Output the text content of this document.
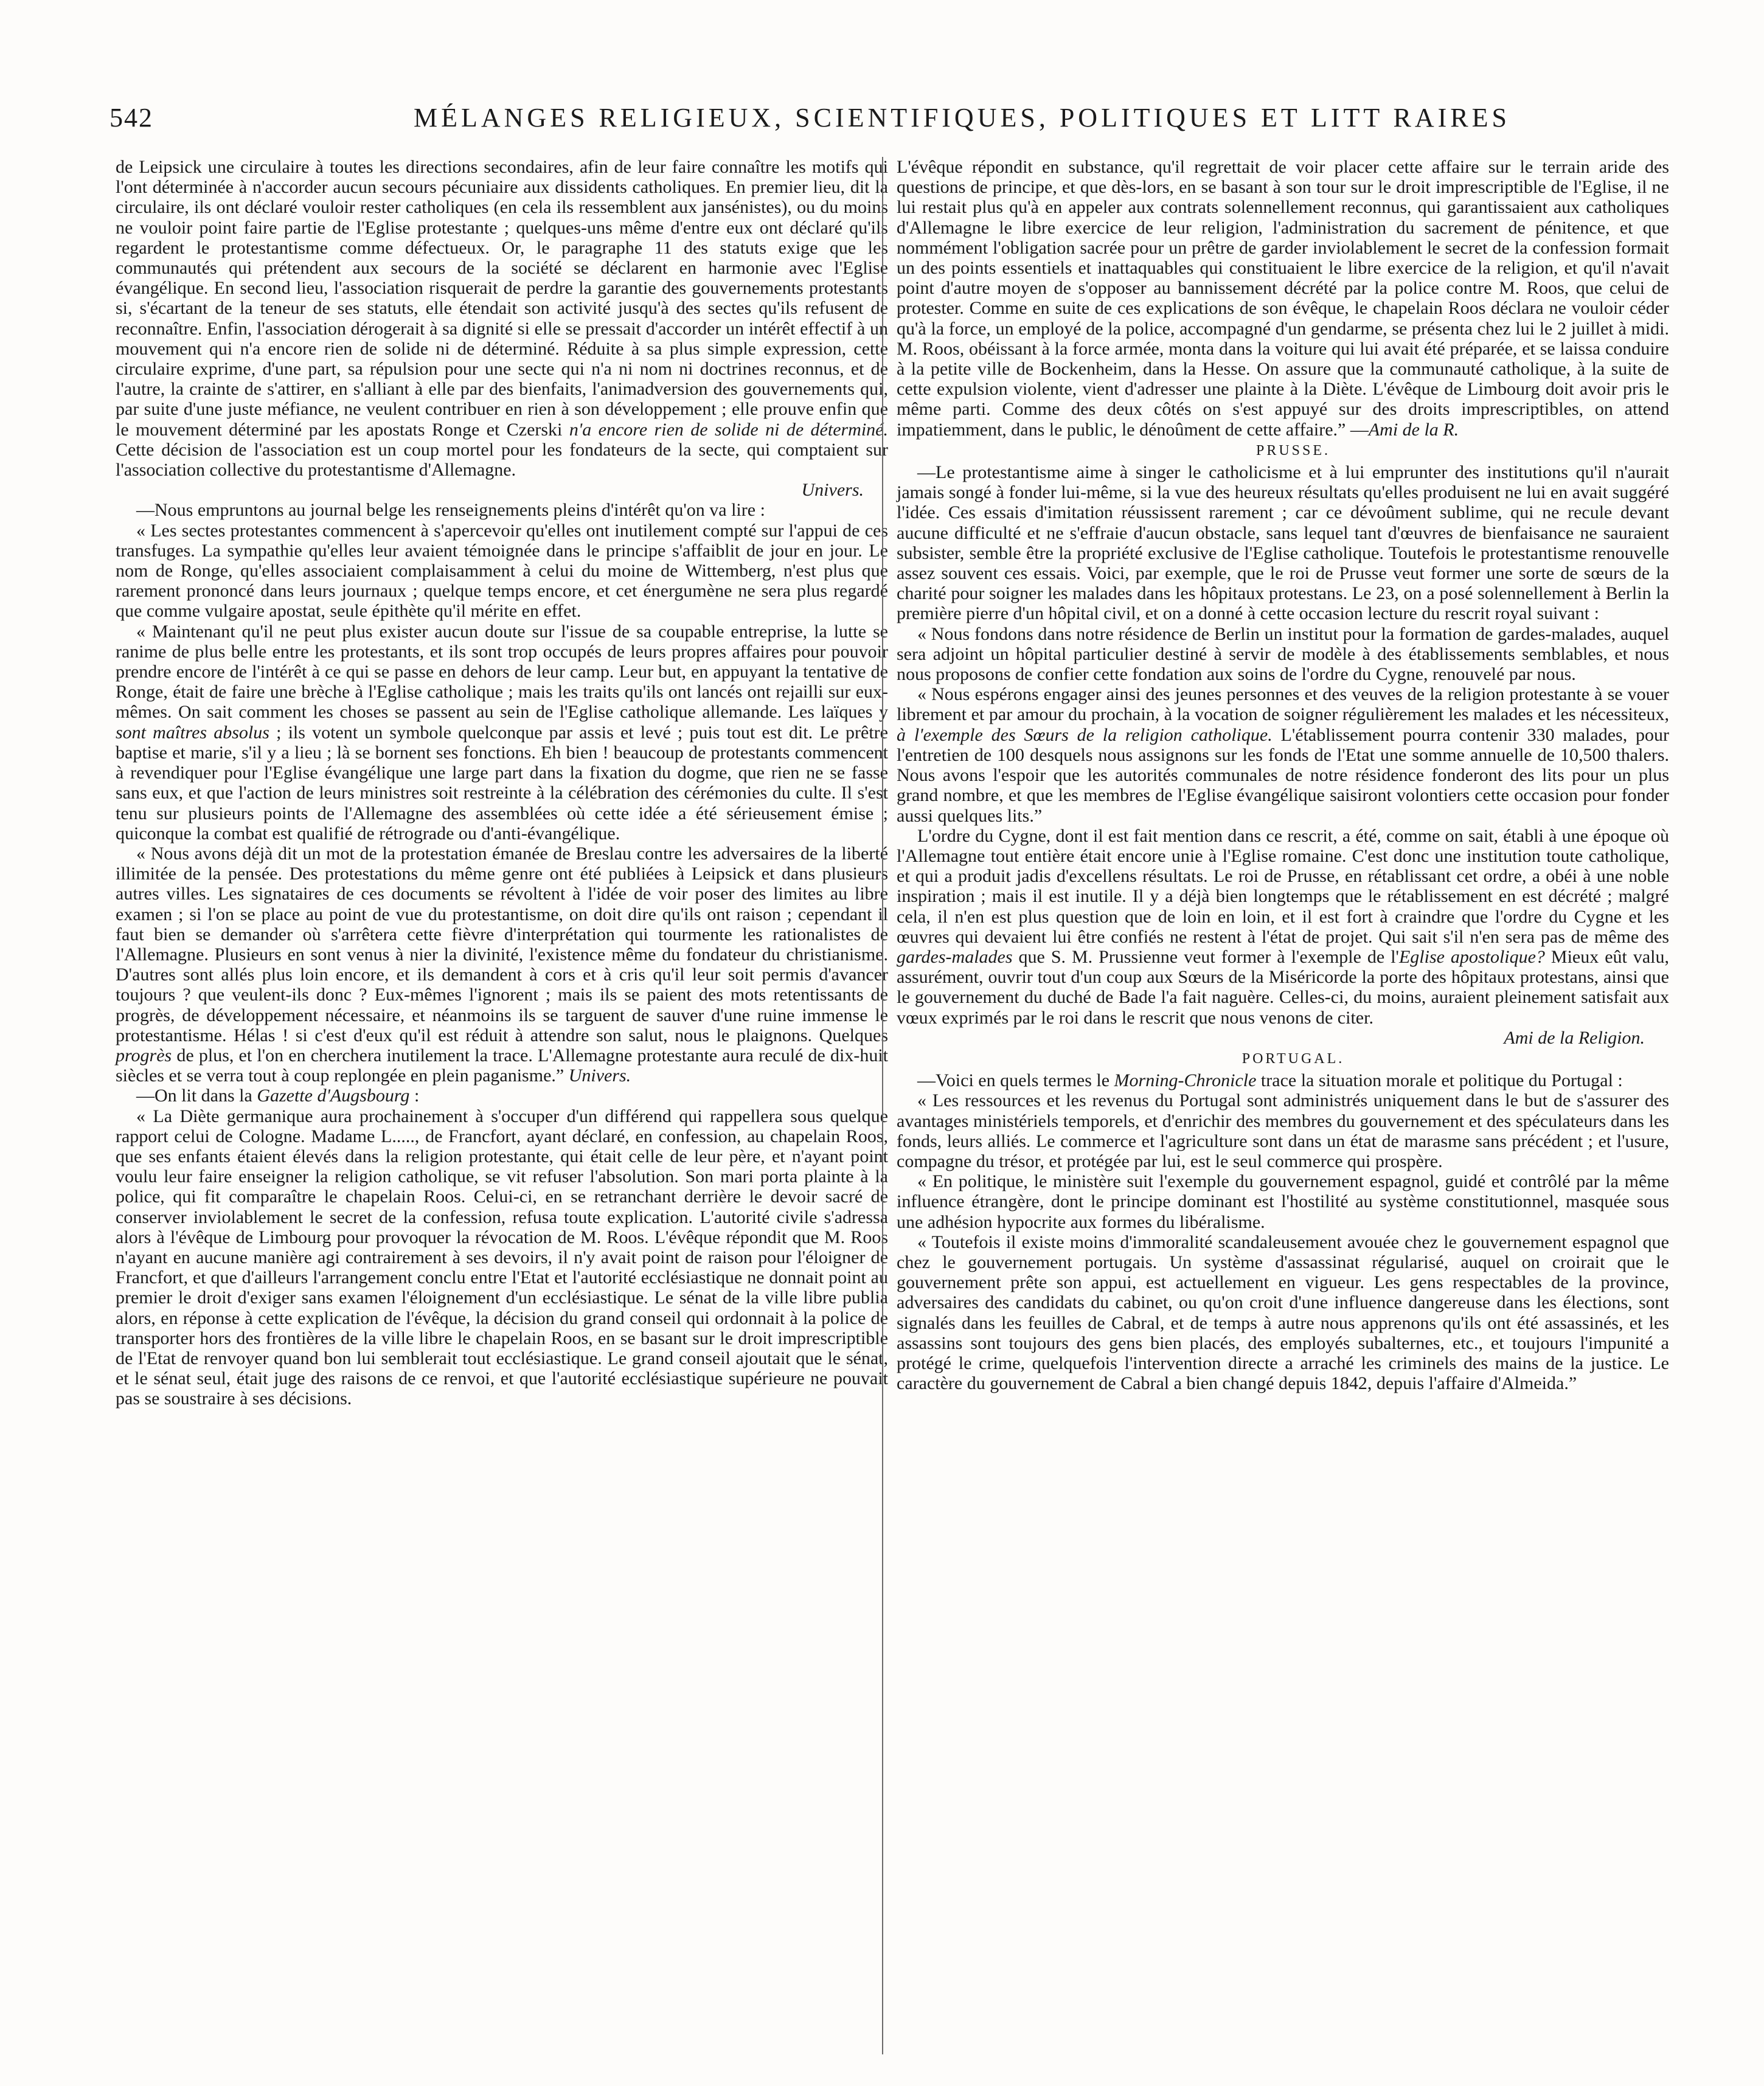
542	MÉLANGES RELIGIEUX, SCIENTIFIQUES, POLITIQUES ET LITT RAIRES

de Leipsick une circulaire à toutes les directions secondaires, afin de leur faire connaître les motifs qui l'ont déterminée à n'accorder aucun secours pécuniaire aux dissidents catholiques. En premier lieu, dit la circulaire, ils ont déclaré vouloir rester catholiques (en cela ils ressemblent aux jansénistes), ou du moins ne vouloir point faire partie de l'Eglise protestante ; quelques-uns même d'entre eux ont déclaré qu'ils regardent le protestantisme comme défectueux. Or, le paragraphe 11 des statuts exige que les communautés qui prétendent aux secours de la société se déclarent en harmonie avec l'Eglise évangélique. En second lieu, l'association risquerait de perdre la garantie des gouvernements protestants si, s'écartant de la teneur de ses statuts, elle étendait son activité jusqu'à des sectes qu'ils refusent de reconnaître. Enfin, l'association dérogerait à sa dignité si elle se pressait d'accorder un intérêt effectif à un mouvement qui n'a encore rien de solide ni de déterminé. Réduite à sa plus simple expression, cette circulaire exprime, d'une part, sa répulsion pour une secte qui n'a ni nom ni doctrines reconnus, et de l'autre, la crainte de s'attirer, en s'alliant à elle par des bienfaits, l'animadversion des gouvernements qui, par suite d'une juste méfiance, ne veulent contribuer en rien à son développement ; elle prouve enfin que le mouvement déterminé par les apostats Ronge et Czerski n'a encore rien de solide ni de déterminé. Cette décision de l'association est un coup mortel pour les fondateurs de la secte, qui comptaient sur l'association collective du protestantisme d'Allemagne.

Univers.

—Nous empruntons au journal belge les renseignements pleins d'intérêt qu'on va lire :

« Les sectes protestantes commencent à s'apercevoir qu'elles ont inutilement compté sur l'appui de ces transfuges. La sympathie qu'elles leur avaient témoignée dans le principe s'affaiblit de jour en jour. Le nom de Ronge, qu'elles associaient complaisamment à celui du moine de Wittemberg, n'est plus que rarement prononcé dans leurs journaux ; quelque temps encore, et cet énergumène ne sera plus regardé que comme vulgaire apostat, seule épithète qu'il mérite en effet.

« Maintenant qu'il ne peut plus exister aucun doute sur l'issue de sa coupable entreprise, la lutte se ranime de plus belle entre les protestants, et ils sont trop occupés de leurs propres affaires pour pouvoir prendre encore de l'intérêt à ce qui se passe en dehors de leur camp. Leur but, en appuyant la tentative de Ronge, était de faire une brèche à l'Eglise catholique ; mais les traits qu'ils ont lancés ont rejailli sur eux-mêmes. On sait comment les choses se passent au sein de l'Eglise catholique allemande. Les laïques y sont maîtres absolus ; ils votent un symbole quelconque par assis et levé ; puis tout est dit. Le prêtre baptise et marie, s'il y a lieu ; là se bornent ses fonctions. Eh bien ! beaucoup de protestants commencent à revendiquer pour l'Eglise évangélique une large part dans la fixation du dogme, que rien ne se fasse sans eux, et que l'action de leurs ministres soit restreinte à la célébration des cérémonies du culte. Il s'est tenu sur plusieurs points de l'Allemagne des assemblées où cette idée a été sérieusement émise ; quiconque la combat est qualifié de rétrograde ou d'anti-évangélique.

« Nous avons déjà dit un mot de la protestation émanée de Breslau contre les adversaires de la liberté illimitée de la pensée. Des protestations du même genre ont été publiées à Leipsick et dans plusieurs autres villes. Les signataires de ces documents se révoltent à l'idée de voir poser des limites au libre examen ; si l'on se place au point de vue du protestantisme, on doit dire qu'ils ont raison ; cependant il faut bien se demander où s'arrêtera cette fièvre d'interprétation qui tourmente les rationalistes de l'Allemagne. Plusieurs en sont venus à nier la divinité, l'existence même du fondateur du christianisme. D'autres sont allés plus loin encore, et ils demandent à cors et à cris qu'il leur soit permis d'avancer toujours ? que veulent-ils donc ? Eux-mêmes l'ignorent ; mais ils se paient des mots retentissants de progrès, de développement nécessaire, et néanmoins ils se targuent de sauver d'une ruine immense le protestantisme. Hélas ! si c'est d'eux qu'il est réduit à attendre son salut, nous le plaignons. Quelques progrès de plus, et l'on en cherchera inutilement la trace. L'Allemagne protestante aura reculé de dix-huit siècles et se verra tout à coup replongée en plein paganisme.” Univers.

—On lit dans la Gazette d'Augsbourg :

« La Diète germanique aura prochainement à s'occuper d'un différend qui rappellera sous quelque rapport celui de Cologne. Madame L....., de Francfort, ayant déclaré, en confession, au chapelain Roos, que ses enfants étaient élevés dans la religion protestante, qui était celle de leur père, et n'ayant point voulu leur faire enseigner la religion catholique, se vit refuser l'absolution. Son mari porta plainte à la police, qui fit comparaître le chapelain Roos. Celui-ci, en se retranchant derrière le devoir sacré de conserver inviolablement le secret de la confession, refusa toute explication. L'autorité civile s'adressa alors à l'évêque de Limbourg pour provoquer la révocation de M. Roos. L'évêque répondit que M. Roos n'ayant en aucune manière agi contrairement à ses devoirs, il n'y avait point de raison pour l'éloigner de Francfort, et que d'ailleurs l'arrangement conclu entre l'Etat et l'autorité ecclésiastique ne donnait point au premier le droit d'exiger sans examen l'éloignement d'un ecclésiastique. Le sénat de la ville libre publia alors, en réponse à cette explication de l'évêque, la décision du grand conseil qui ordonnait à la police de transporter hors des frontières de la ville libre le chapelain Roos, en se basant sur le droit imprescriptible de l'Etat de renvoyer quand bon lui semblerait tout ecclésiastique. Le grand conseil ajoutait que le sénat, et le sénat seul, était juge des raisons de ce renvoi, et que l'autorité ecclésiastique supérieure ne pouvait pas se soustraire à ses décisions.

L'évêque répondit en substance, qu'il regrettait de voir placer cette affaire sur le terrain aride des questions de principe, et que dès-lors, en se basant à son tour sur le droit imprescriptible de l'Eglise, il ne lui restait plus qu'à en appeler aux contrats solennellement reconnus, qui garantissaient aux catholiques d'Allemagne le libre exercice de leur religion, l'administration du sacrement de pénitence, et que nommément l'obligation sacrée pour un prêtre de garder inviolablement le secret de la confession formait un des points essentiels et inattaquables qui constituaient le libre exercice de la religion, et qu'il n'avait point d'autre moyen de s'opposer au bannissement décrété par la police contre M. Roos, que celui de protester. Comme en suite de ces explications de son évêque, le chapelain Roos déclara ne vouloir céder qu'à la force, un employé de la police, accompagné d'un gendarme, se présenta chez lui le 2 juillet à midi. M. Roos, obéissant à la force armée, monta dans la voiture qui lui avait été préparée, et se laissa conduire à la petite ville de Bockenheim, dans la Hesse. On assure que la communauté catholique, à la suite de cette expulsion violente, vient d'adresser une plainte à la Diète. L'évêque de Limbourg doit avoir pris le même parti. Comme des deux côtés on s'est appuyé sur des droits imprescriptibles, on attend impatiemment, dans le public, le dénoûment de cette affaire.” —Ami de la R.

PRUSSE.

—Le protestantisme aime à singer le catholicisme et à lui emprunter des institutions qu'il n'aurait jamais songé à fonder lui-même, si la vue des heureux résultats qu'elles produisent ne lui en avait suggéré l'idée. Ces essais d'imitation réussissent rarement ; car ce dévoûment sublime, qui ne recule devant aucune difficulté et ne s'effraie d'aucun obstacle, sans lequel tant d'œuvres de bienfaisance ne sauraient subsister, semble être la propriété exclusive de l'Eglise catholique. Toutefois le protestantisme renouvelle assez souvent ces essais. Voici, par exemple, que le roi de Prusse veut former une sorte de sœurs de la charité pour soigner les malades dans les hôpitaux protestans. Le 23, on a posé solennellement à Berlin la première pierre d'un hôpital civil, et on a donné à cette occasion lecture du rescrit royal suivant :

« Nous fondons dans notre résidence de Berlin un institut pour la formation de gardes-malades, auquel sera adjoint un hôpital particulier destiné à servir de modèle à des établissements semblables, et nous nous proposons de confier cette fondation aux soins de l'ordre du Cygne, renouvelé par nous.

« Nous espérons engager ainsi des jeunes personnes et des veuves de la religion protestante à se vouer librement et par amour du prochain, à la vocation de soigner régulièrement les malades et les nécessiteux, à l'exemple des Sœurs de la religion catholique. L'établissement pourra contenir 330 malades, pour l'entretien de 100 desquels nous assignons sur les fonds de l'Etat une somme annuelle de 10,500 thalers. Nous avons l'espoir que les autorités communales de notre résidence fonderont des lits pour un plus grand nombre, et que les membres de l'Eglise évangélique saisiront volontiers cette occasion pour fonder aussi quelques lits.”

L'ordre du Cygne, dont il est fait mention dans ce rescrit, a été, comme on sait, établi à une époque où l'Allemagne tout entière était encore unie à l'Eglise romaine. C'est donc une institution toute catholique, et qui a produit jadis d'excellens résultats. Le roi de Prusse, en rétablissant cet ordre, a obéi à une noble inspiration ; mais il est inutile. Il y a déjà bien longtemps que le rétablissement en est décrété ; malgré cela, il n'en est plus question que de loin en loin, et il est fort à craindre que l'ordre du Cygne et les œuvres qui devaient lui être confiés ne restent à l'état de projet. Qui sait s'il n'en sera pas de même des gardes-malades que S. M. Prussienne veut former à l'exemple de l'Eglise apostolique? Mieux eût valu, assurément, ouvrir tout d'un coup aux Sœurs de la Miséricorde la porte des hôpitaux protestans, ainsi que le gouvernement du duché de Bade l'a fait naguère. Celles-ci, du moins, auraient pleinement satisfait aux vœux exprimés par le roi dans le rescrit que nous venons de citer.

Ami de la Religion.

PORTUGAL.

—Voici en quels termes le Morning-Chronicle trace la situation morale et politique du Portugal :

« Les ressources et les revenus du Portugal sont administrés uniquement dans le but de s'assurer des avantages ministériels temporels, et d'enrichir des membres du gouvernement et des spéculateurs dans les fonds, leurs alliés. Le commerce et l'agriculture sont dans un état de marasme sans précédent ; et l'usure, compagne du trésor, et protégée par lui, est le seul commerce qui prospère.

« En politique, le ministère suit l'exemple du gouvernement espagnol, guidé et contrôlé par la même influence étrangère, dont le principe dominant est l'hostilité au système constitutionnel, masquée sous une adhésion hypocrite aux formes du libéralisme.

« Toutefois il existe moins d'immoralité scandaleusement avouée chez le gouvernement espagnol que chez le gouvernement portugais. Un système d'assassinat régularisé, auquel on croirait que le gouvernement prête son appui, est actuellement en vigueur. Les gens respectables de la province, adversaires des candidats du cabinet, ou qu'on croit d'une influence dangereuse dans les élections, sont signalés dans les feuilles de Cabral, et de temps à autre nous apprenons qu'ils ont été assassinés, et les assassins sont toujours des gens bien placés, des employés subalternes, etc., et toujours l'impunité a protégé le crime, quelquefois l'intervention directe a arraché les criminels des mains de la justice. Le caractère du gouvernement de Cabral a bien changé depuis 1842, depuis l'affaire d'Almeida.”
